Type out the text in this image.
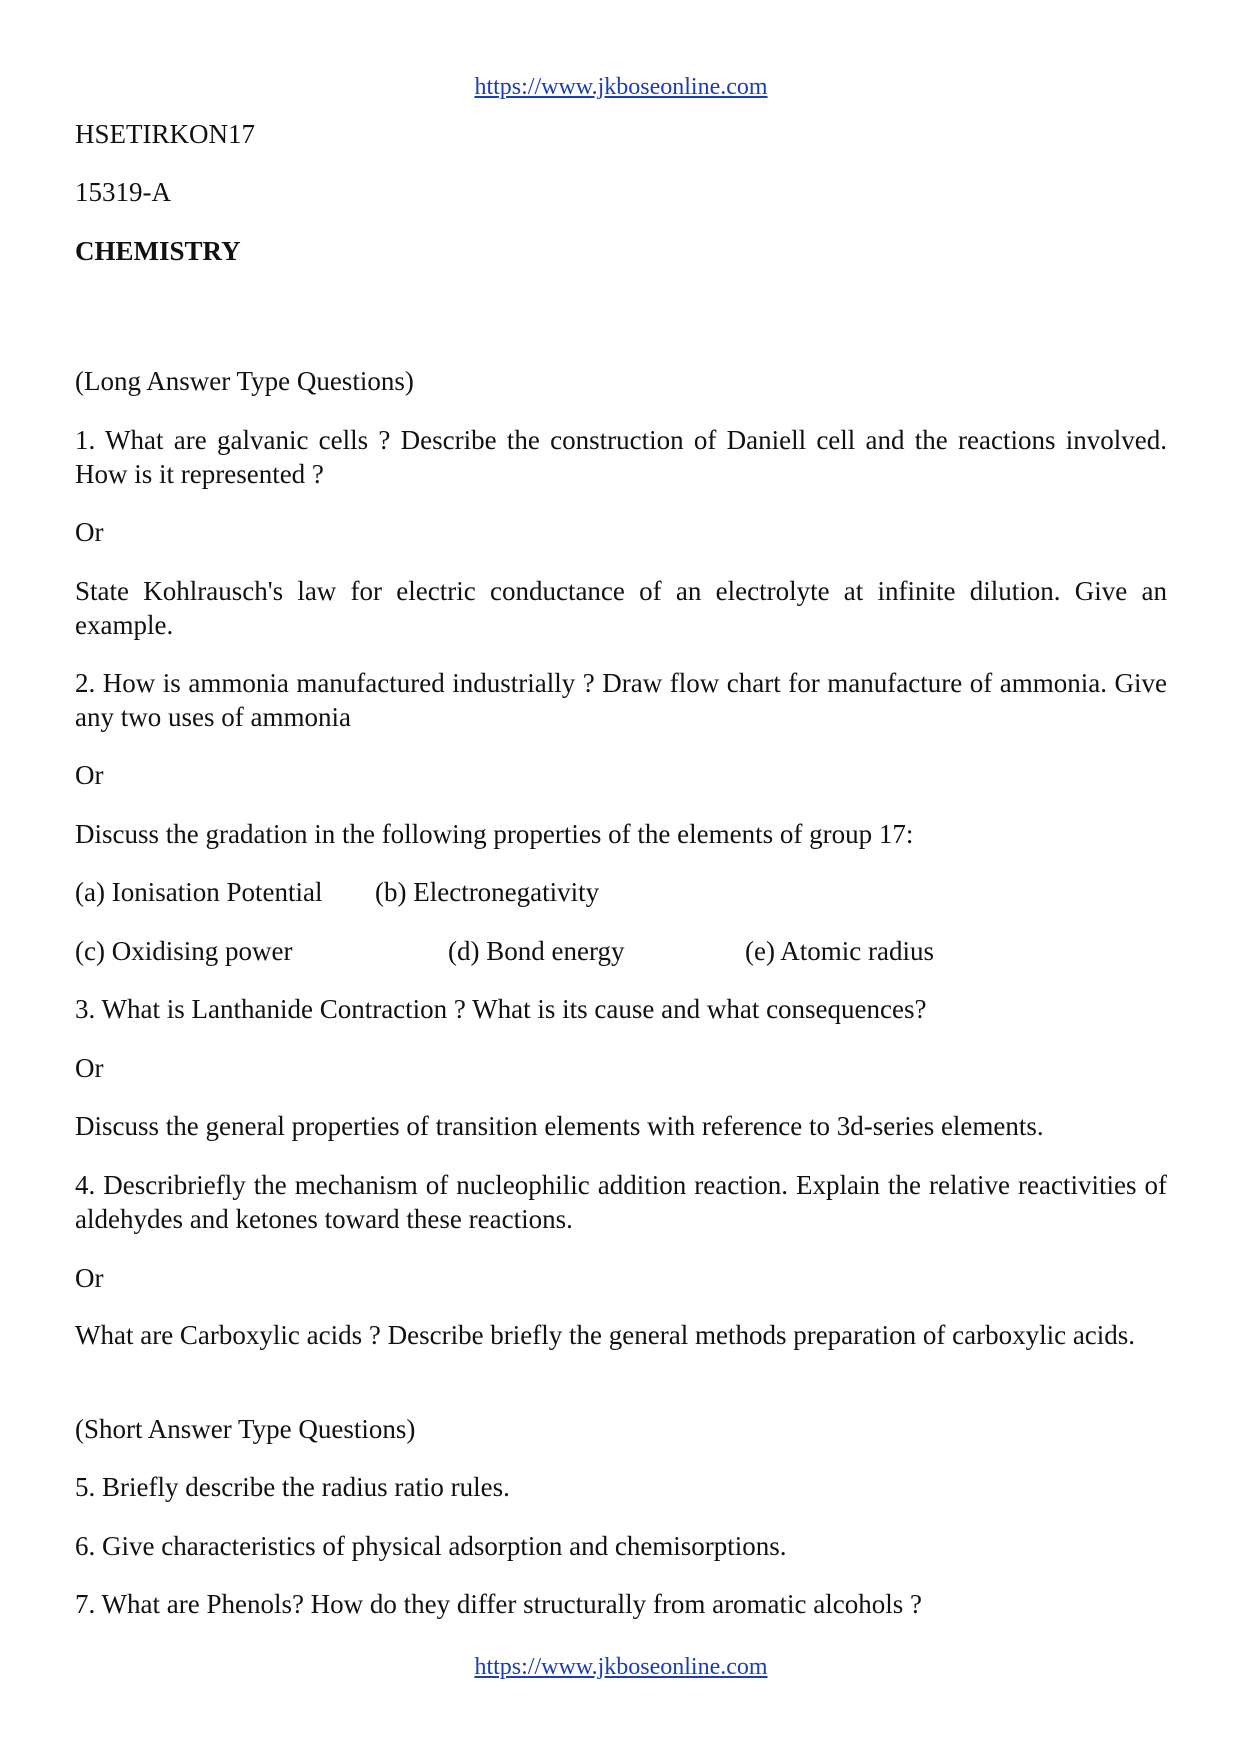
https://www.jkboseonline.com
HSETIRKON17
15319-A
CHEMISTRY
(Long Answer Type Questions)
1. What are galvanic cells ? Describe the construction of Daniell cell and the reactions involved. How is it represented ?
Or
State Kohlrausch's law for electric conductance of an electrolyte at infinite dilution. Give an example.
2. How is ammonia manufactured industrially ? Draw flow chart for manufacture of ammonia. Give any two uses of ammonia
Or
Discuss the gradation in the following properties of the elements of group 17:
(a) Ionisation Potential (b) Electronegativity
(c) Oxidising power	(d) Bond energy	(e) Atomic radius
3. What is Lanthanide Contraction ? What is its cause and what consequences?
Or
Discuss the general properties of transition elements with reference to 3d-series elements.
4. Describriefly the mechanism of nucleophilic addition reaction. Explain the relative reactivities of aldehydes and ketones toward these reactions.
Or
What are Carboxylic acids ? Describe briefly the general methods preparation of carboxylic acids.
(Short Answer Type Questions)
5. Briefly describe the radius ratio rules.
6. Give characteristics of physical adsorption and chemisorptions.
7. What are Phenols? How do they differ structurally from aromatic alcohols ?
https://www.jkboseonline.com
